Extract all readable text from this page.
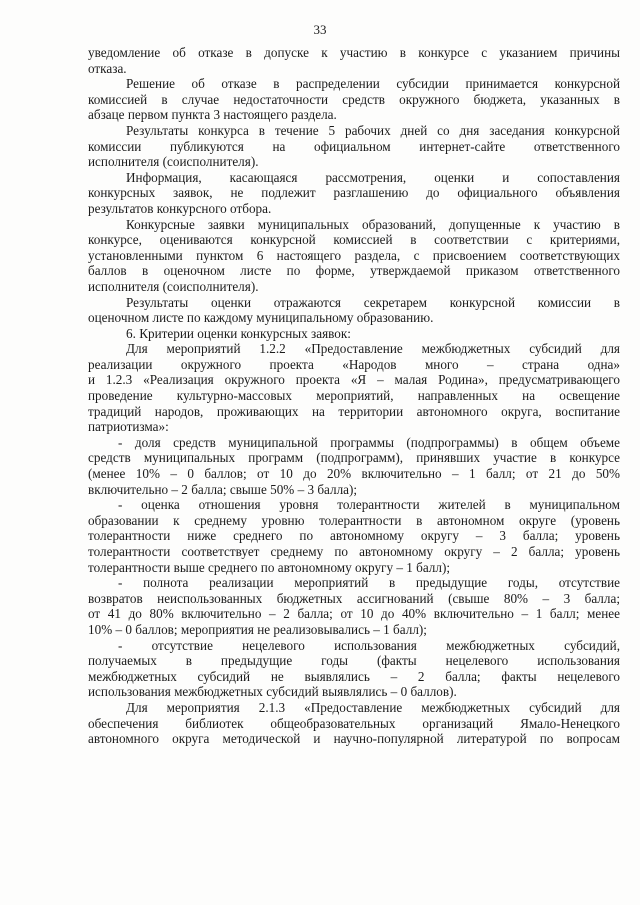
33
уведомление об отказе в допуске к участию в конкурсе с указанием причины
отказа.
Решение об отказе в распределении субсидии принимается конкурсной
комиссией в случае недостаточности средств окружного бюджета, указанных в
абзаце первом пункта 3 настоящего раздела.
Результаты конкурса в течение 5 рабочих дней со дня заседания конкурсной
комиссии публикуются на официальном интернет-сайте ответственного
исполнителя (соисполнителя).
Информация, касающаяся рассмотрения, оценки и сопоставления
конкурсных заявок, не подлежит разглашению до официального объявления
результатов конкурсного отбора.
Конкурсные заявки муниципальных образований, допущенные к участию в
конкурсе, оцениваются конкурсной комиссией в соответствии с критериями,
установленными пунктом 6 настоящего раздела, с присвоением соответствующих
баллов в оценочном листе по форме, утверждаемой приказом ответственного
исполнителя (соисполнителя).
Результаты оценки отражаются секретарем конкурсной комиссии в
оценочном листе по каждому муниципальному образованию.
6. Критерии оценки конкурсных заявок:
Для мероприятий 1.2.2 «Предоставление межбюджетных субсидий для
реализации окружного проекта «Народов много – страна одна»
и 1.2.3 «Реализация окружного проекта «Я – малая Родина», предусматривающего
проведение культурно-массовых мероприятий, направленных на освещение
традиций народов, проживающих на территории автономного округа, воспитание
патриотизма»:
- доля средств муниципальной программы (подпрограммы) в общем объеме
средств муниципальных программ (подпрограмм), принявших участие в конкурсе
(менее 10% – 0 баллов; от 10 до 20% включительно – 1 балл; от 21 до 50%
включительно – 2 балла; свыше 50% – 3 балла);
- оценка отношения уровня толерантности жителей в муниципальном
образовании к среднему уровню толерантности в автономном округе (уровень
толерантности ниже среднего по автономному округу – 3 балла; уровень
толерантности соответствует среднему по автономному округу – 2 балла; уровень
толерантности выше среднего по автономному округу – 1 балл);
- полнота реализации мероприятий в предыдущие годы, отсутствие
возвратов неиспользованных бюджетных ассигнований (свыше 80% – 3 балла;
от 41 до 80% включительно – 2 балла; от 10 до 40% включительно – 1 балл; менее
10% – 0 баллов; мероприятия не реализовывались – 1 балл);
- отсутствие нецелевого использования межбюджетных субсидий,
получаемых в предыдущие годы (факты нецелевого использования
межбюджетных субсидий не выявлялись – 2 балла; факты нецелевого
использования межбюджетных субсидий выявлялись – 0 баллов).
Для мероприятия 2.1.3 «Предоставление межбюджетных субсидий для
обеспечения библиотек общеобразовательных организаций Ямало-Ненецкого
автономного округа методической и научно-популярной литературой по вопросам
